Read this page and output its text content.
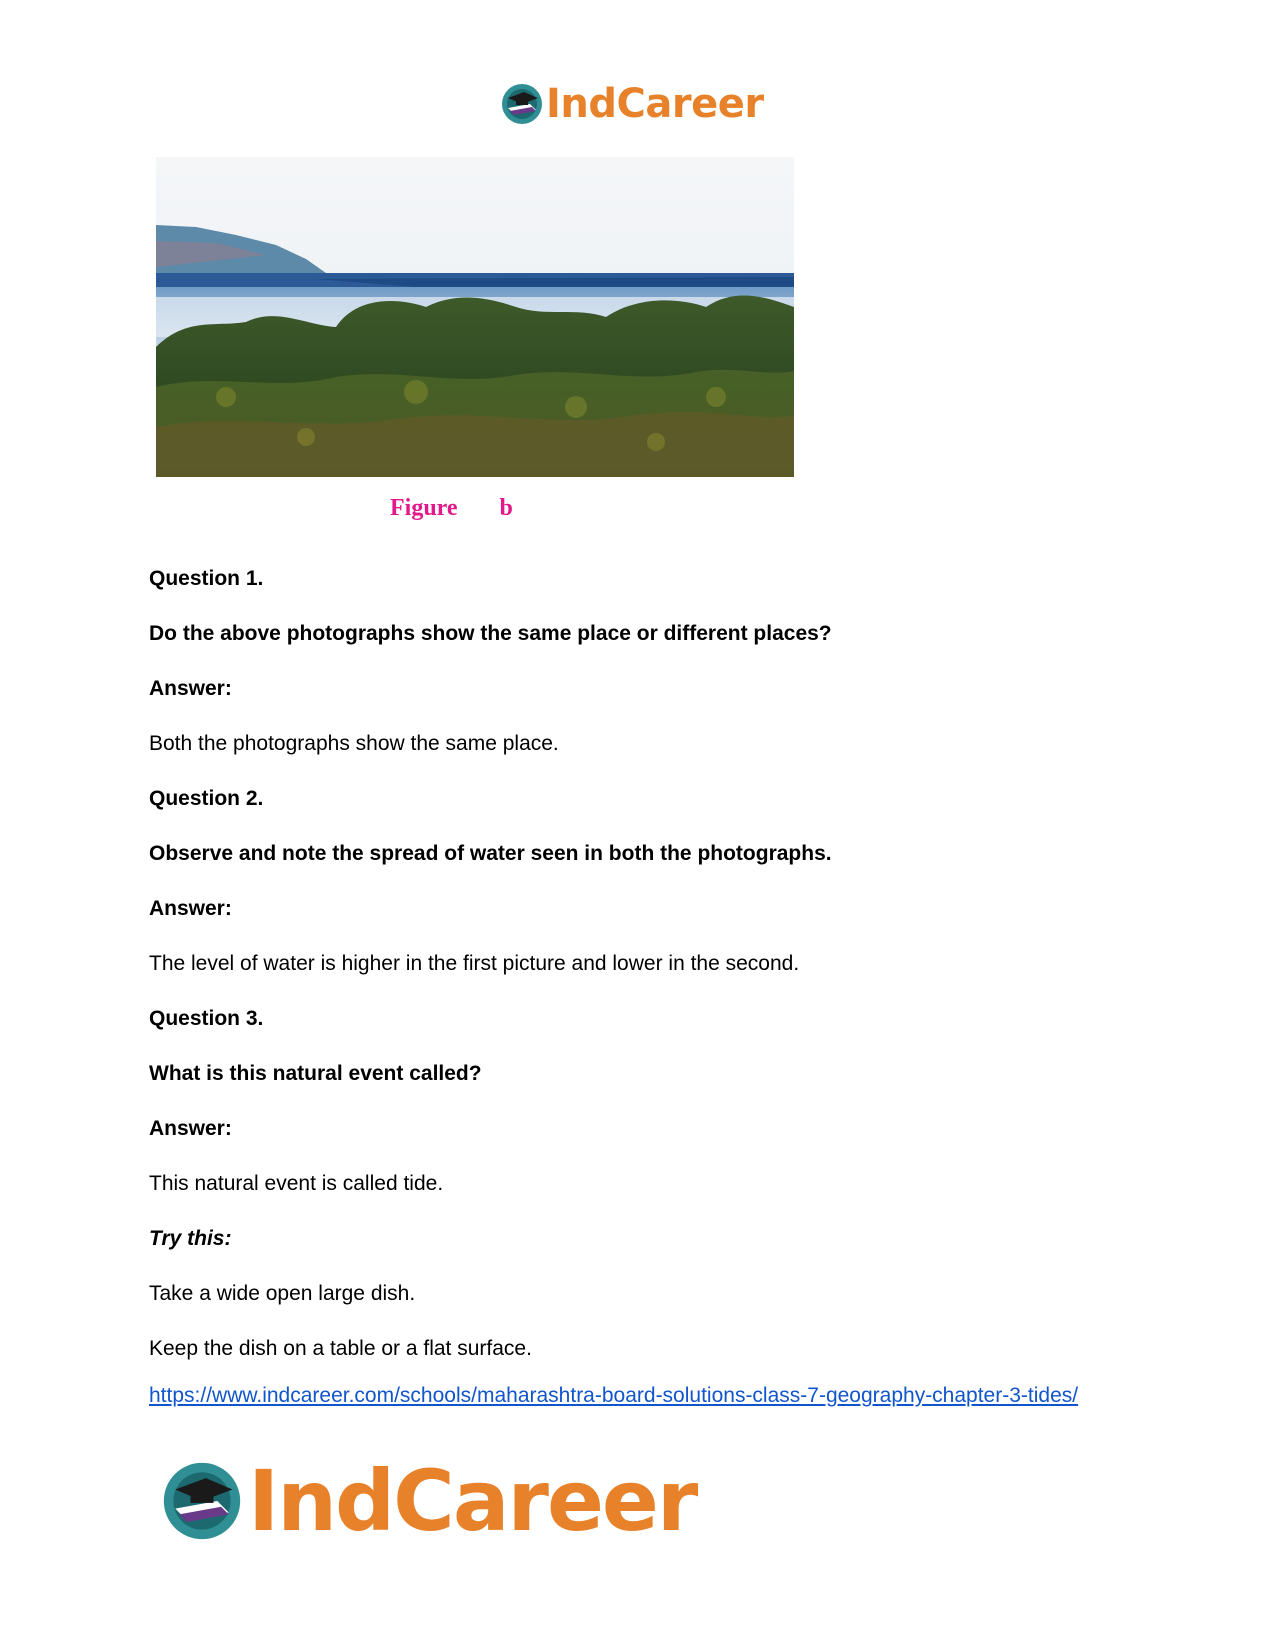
IndCareer
Figure b
Question 1.
Do the above photographs show the same place or different places?
Answer:
Both the photographs show the same place.
Question 2.
Observe and note the spread of water seen in both the photographs.
Answer:
The level of water is higher in the first picture and lower in the second.
Question 3.
What is this natural event called?
Answer:
This natural event is called tide.
Try this:
Take a wide open large dish.
Keep the dish on a table or a flat surface.
https://www.indcareer.com/schools/maharashtra-board-solutions-class-7-geography-chapter-3-tides/
IndCareer
